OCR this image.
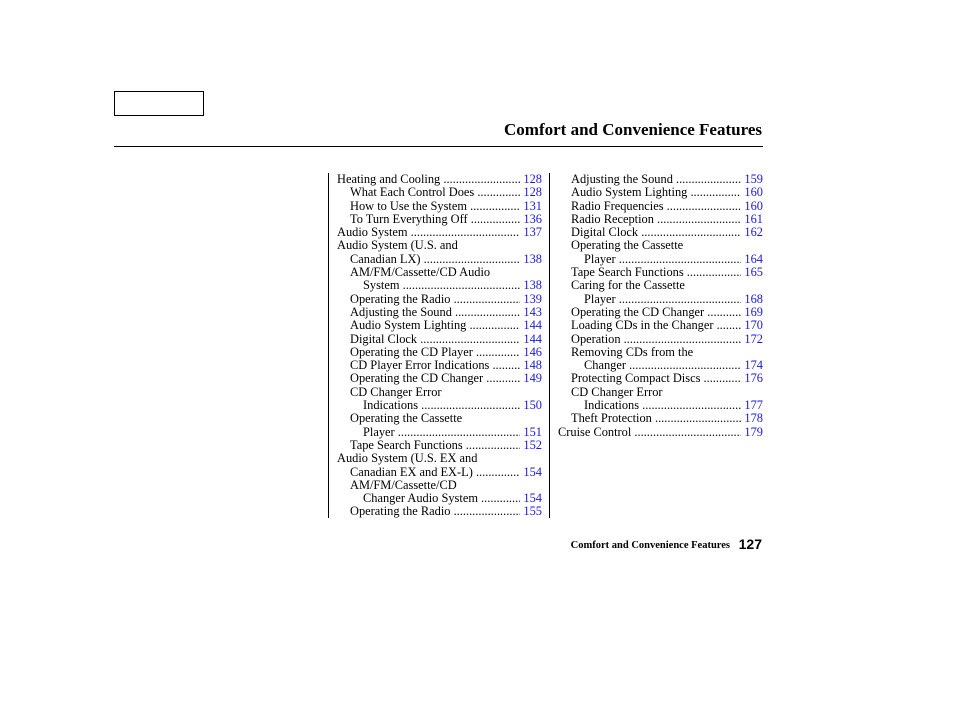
Comfort and Convenience Features
Heating and Cooling .....	128
What Each Control Does .....	128
How to Use the System .....	131
To Turn Everything Off .....	136
Audio System .....	137
Audio System (U.S. and
Canadian LX) .....	138
AM/FM/Cassette/CD Audio
System .....	138
Operating the Radio .....	139
Adjusting the Sound .....	143
Audio System Lighting .....	144
Digital Clock .....	144
Operating the CD Player .....	146
CD Player Error Indications .....	148
Operating the CD Changer .....	149
CD Changer Error
Indications .....	150
Operating the Cassette
Player .....	151
Tape Search Functions .....	152
Audio System (U.S. EX and
Canadian EX and EX-L) .....	154
AM/FM/Cassette/CD
Changer Audio System .....	154
Operating the Radio .....	155
Adjusting the Sound .....	159
Audio System Lighting .....	160
Radio Frequencies .....	160
Radio Reception .....	161
Digital Clock .....	162
Operating the Cassette
Player .....	164
Tape Search Functions .....	165
Caring for the Cassette
Player .....	168
Operating the CD Changer .....	169
Loading CDs in the Changer .....	170
Operation .....	172
Removing CDs from the
Changer .....	174
Protecting Compact Discs .....	176
CD Changer Error
Indications .....	177
Theft Protection .....	178
Cruise Control .....	179
Comfort and Convenience Features 127
